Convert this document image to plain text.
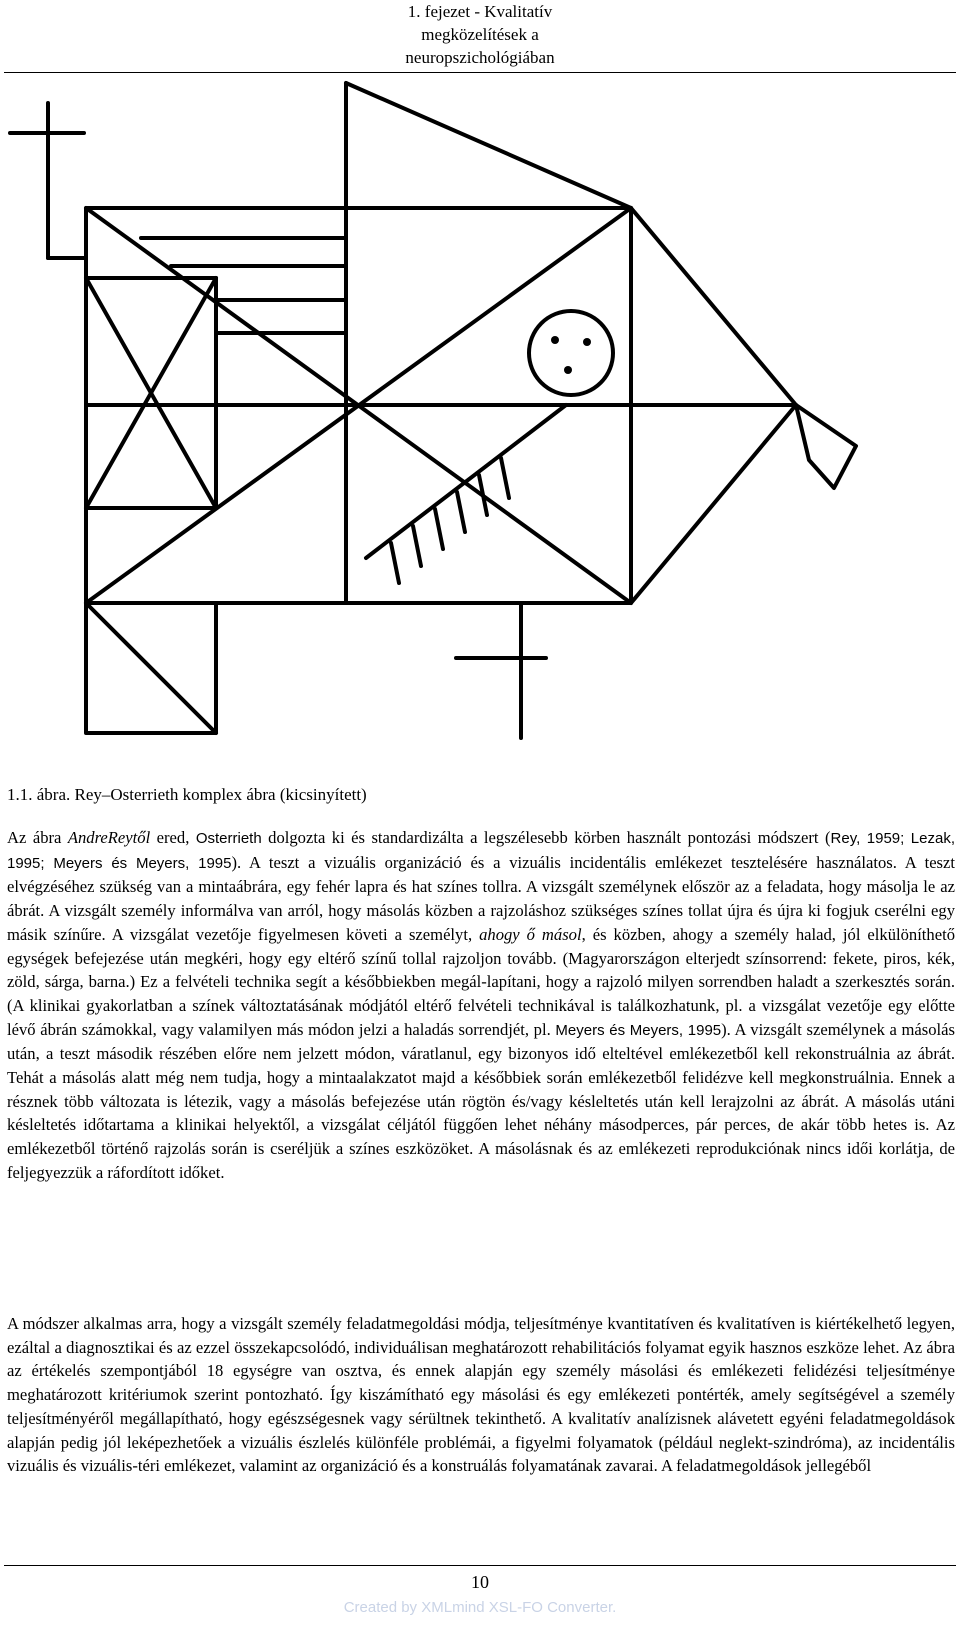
1. fejezet - Kvalitatív
megközelítések a
neuropszichológiában
1.1. ábra. Rey–Osterrieth komplex ábra (kicsinyített)

Az ábra AndreReytől ered, Osterrieth dolgozta ki és standardizálta a legszélesebb körben használt pontozási módszert (Rey, 1959; Lezak, 1995; Meyers és Meyers, 1995). A teszt a vizuális organizáció és a vizuális incidentális emlékezet tesztelésére használatos. A teszt elvégzéséhez szükség van a mintaábrára, egy fehér lapra és hat színes tollra. A vizsgált személynek először az a feladata, hogy másolja le az ábrát. A vizsgált személy informálva van arról, hogy másolás közben a rajzoláshoz szükséges színes tollat újra és újra ki fogjuk cserélni egy másik színűre. A vizsgálat vezetője figyelmesen követi a személyt, ahogy ő másol, és közben, ahogy a személy halad, jól elkülöníthető egységek befejezése után megkéri, hogy egy eltérő színű tollal rajzoljon tovább. (Magyarországon elterjedt színsorrend: fekete, piros, kék, zöld, sárga, barna.) Ez a felvételi technika segít a későbbiekben megál-lapítani, hogy a rajzoló milyen sorrendben haladt a szerkesztés során. (A klinikai gyakorlatban a színek változtatásának módjától eltérő felvételi technikával is találkozhatunk, pl. a vizsgálat vezetője egy előtte lévő ábrán számokkal, vagy valamilyen más módon jelzi a haladás sorrendjét, pl. Meyers és Meyers, 1995). A vizsgált személynek a másolás után, a teszt második részében előre nem jelzett módon, váratlanul, egy bizonyos idő elteltével emlékezetből kell rekonstruálnia az ábrát. Tehát a másolás alatt még nem tudja, hogy a mintaalakzatot majd a későbbiek során emlékezetből felidézve kell megkonstruálnia. Ennek a résznek több változata is létezik, vagy a másolás befejezése után rögtön és/vagy késleltetés után kell lerajzolni az ábrát. A másolás utáni késleltetés időtartama a klinikai helyektől, a vizsgálat céljától függően lehet néhány másodperces, pár perces, de akár több hetes is. Az emlékezetből történő rajzolás során is cseréljük a színes eszközöket. A másolásnak és az emlékezeti reprodukciónak nincs idői korlátja, de feljegyezzük a ráfordított időket.

A módszer alkalmas arra, hogy a vizsgált személy feladatmegoldási módja, teljesítménye kvantitatíven és kvalitatíven is kiértékelhető legyen, ezáltal a diagnosztikai és az ezzel összekapcsolódó, individuálisan meghatározott rehabilitációs folyamat egyik hasznos eszköze lehet. Az ábra az értékelés szempontjából 18 egységre van osztva, és ennek alapján egy személy másolási és emlékezeti felidézési teljesítménye meghatározott kritériumok szerint pontozható. Így kiszámítható egy másolási és egy emlékezeti pontérték, amely segítségével a személy teljesítményéről megállapítható, hogy egészségesnek vagy sérültnek tekinthető. A kvalitatív analízisnek alávetett egyéni feladatmegoldások alapján pedig jól leképezhetőek a vizuális észlelés különféle problémái, a figyelmi folyamatok (például neglekt-szindróma), az incidentális vizuális és vizuális-téri emlékezet, valamint az organizáció és a konstruálás folyamatának zavarai. A feladatmegoldások jellegéből

10
Created by XMLmind XSL-FO Converter.
